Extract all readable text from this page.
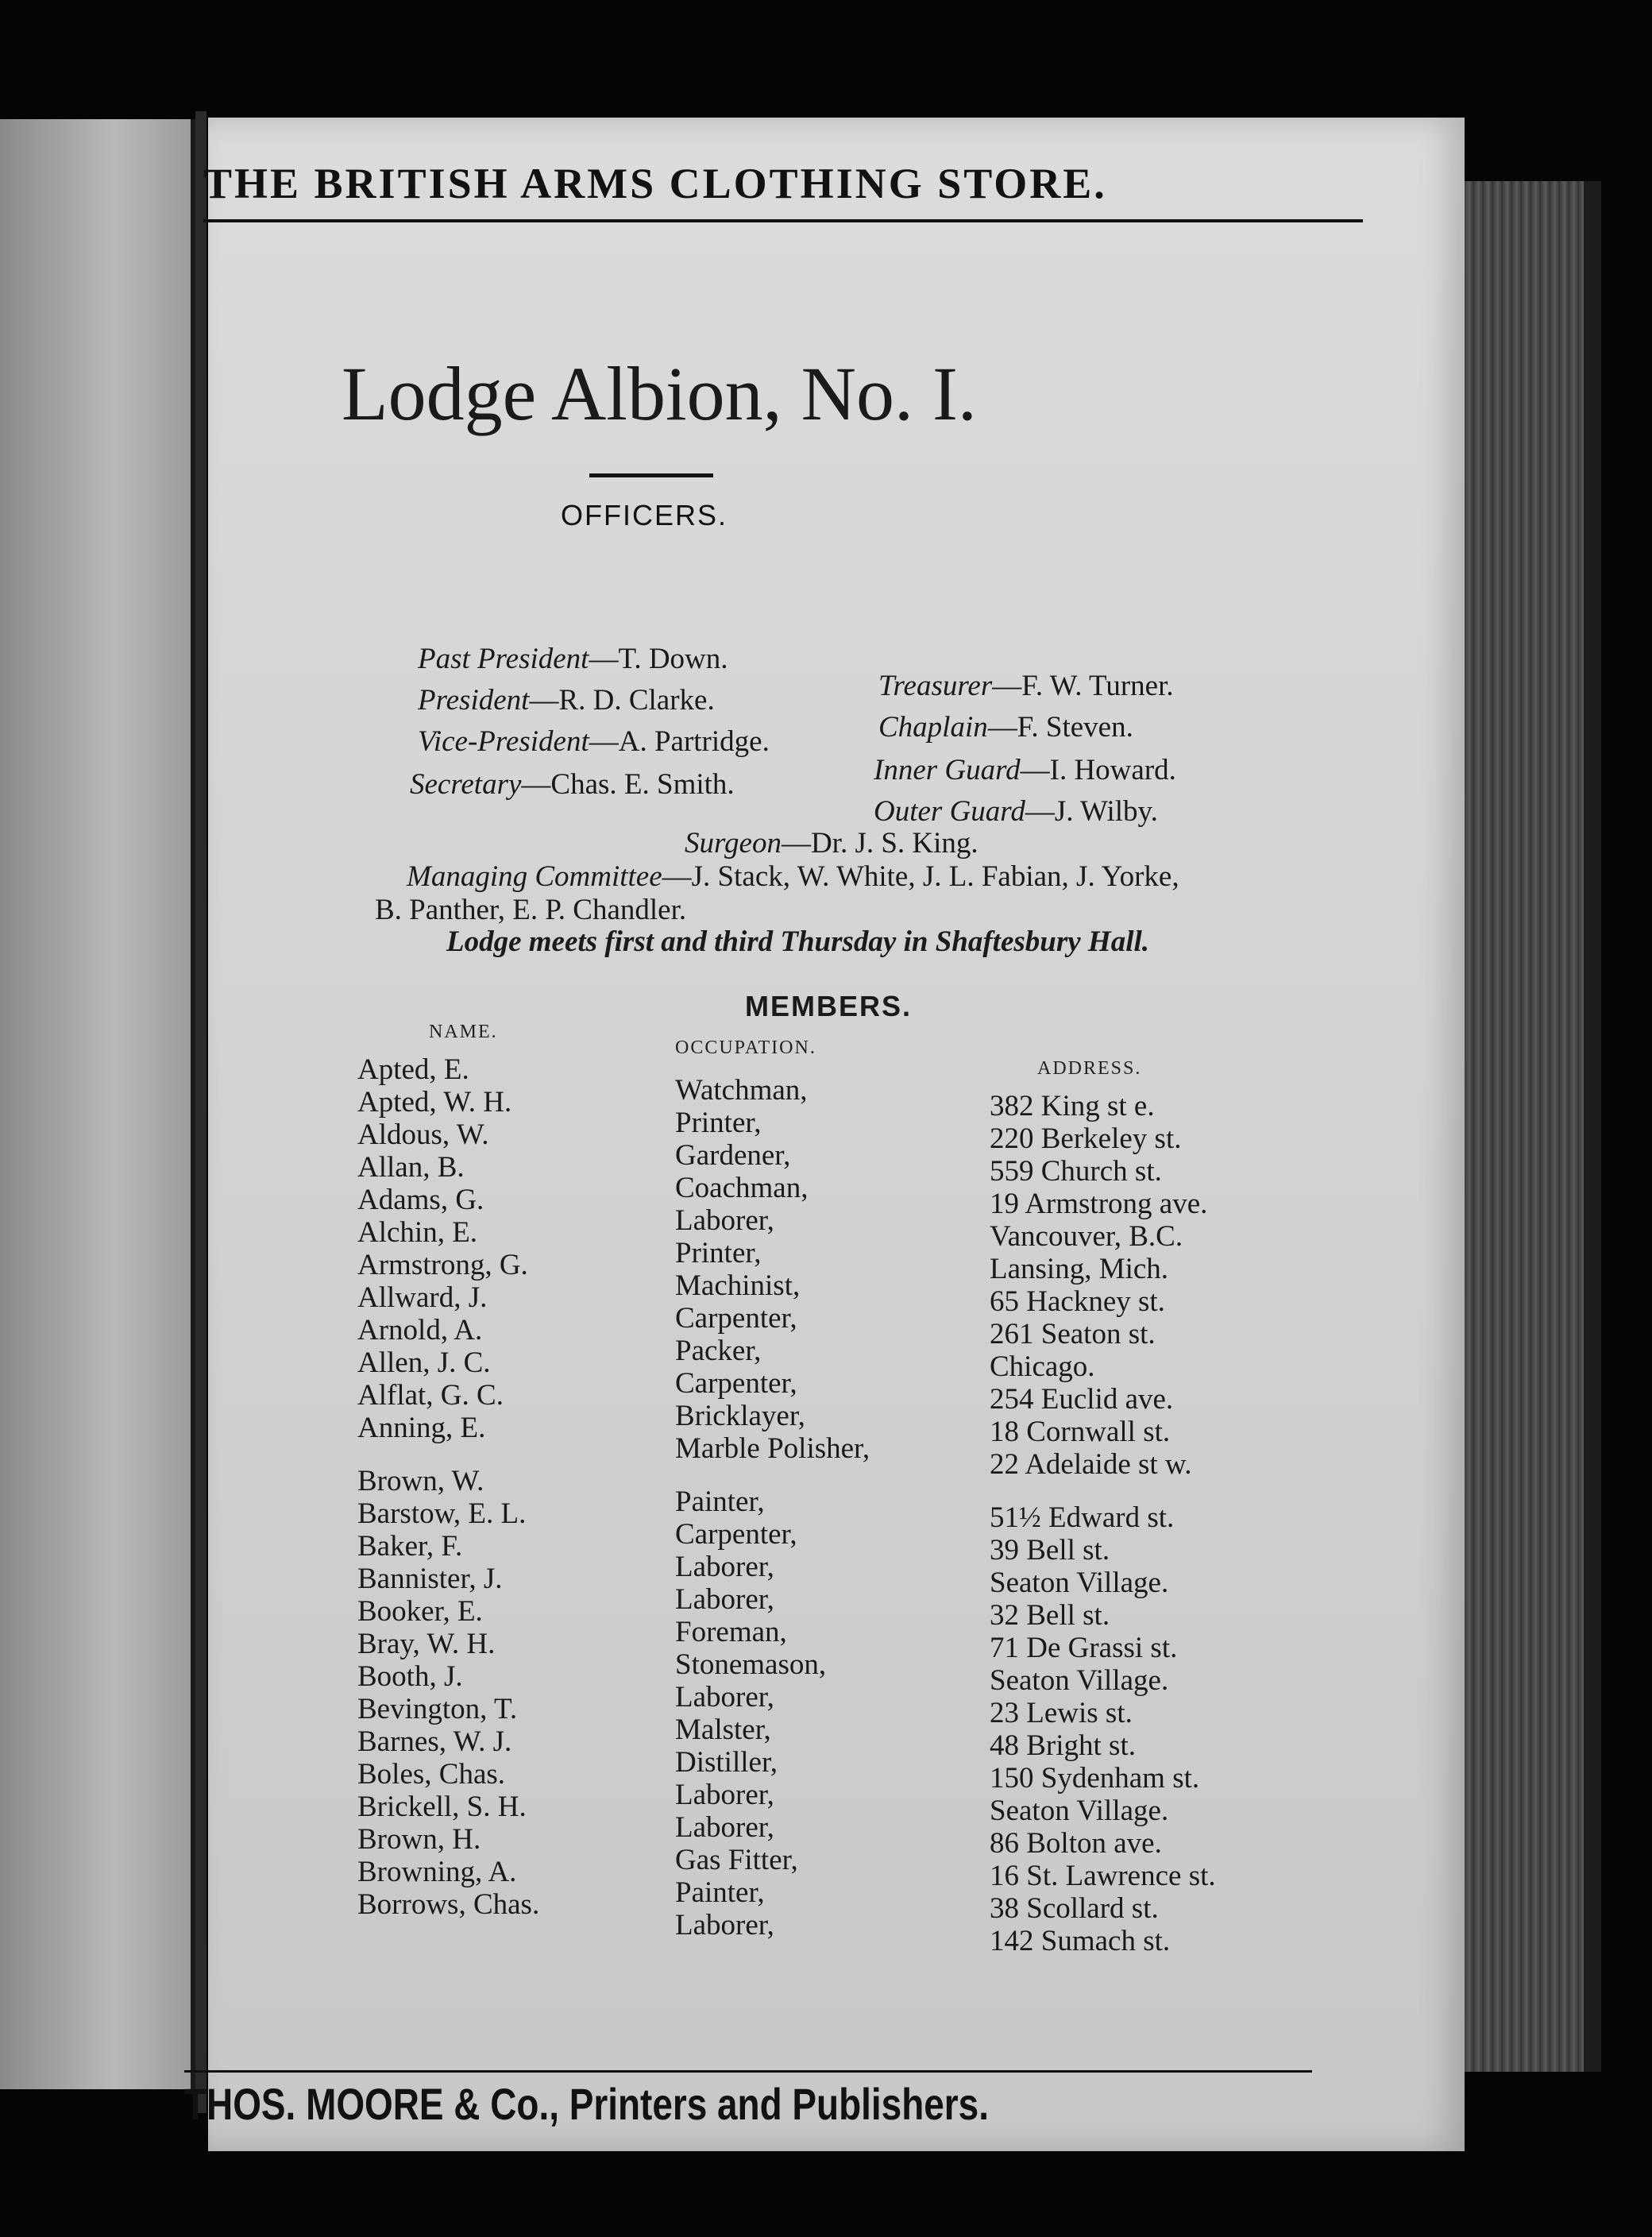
THE BRITISH ARMS CLOTHING STORE.
Lodge Albion, No. I.
OFFICERS.
Past President—T. Down.
President—R. D. Clarke.
Vice-President—A. Partridge.
Secretary—Chas. E. Smith.
Treasurer—F. W. Turner.
Chaplain—F. Steven.
Inner Guard—I. Howard.
Outer Guard—J. Wilby.
Surgeon—Dr. J. S. King.
Managing Committee—J. Stack, W. White, J. L. Fabian, J. Yorke,
B. Panther, E. P. Chandler.
Lodge meets first and third Thursday in Shaftesbury Hall.
MEMBERS.
NAME.
OCCUPATION.
ADDRESS.
Apted, E.
Apted, W. H.
Aldous, W.
Allan, B.
Adams, G.
Alchin, E.
Armstrong, G.
Allward, J.
Arnold, A.
Allen, J. C.
Alflat, G. C.
Anning, E.
Brown, W.
Barstow, E. L.
Baker, F.
Bannister, J.
Booker, E.
Bray, W. H.
Booth, J.
Bevington, T.
Barnes, W. J.
Boles, Chas.
Brickell, S. H.
Brown, H.
Browning, A.
Borrows, Chas.
Watchman,
Printer,
Gardener,
Coachman,
Laborer,
Printer,
Machinist,
Carpenter,
Packer,
Carpenter,
Bricklayer,
Marble Polisher,
Painter,
Carpenter,
Laborer,
Laborer,
Foreman,
Stonemason,
Laborer,
Malster,
Distiller,
Laborer,
Laborer,
Gas Fitter,
Painter,
Laborer,
382 King st e.
220 Berkeley st.
559 Church st.
19 Armstrong ave.
Vancouver, B.C.
Lansing, Mich.
65 Hackney st.
261 Seaton st.
Chicago.
254 Euclid ave.
18 Cornwall st.
22 Adelaide st w.
51½ Edward st.
39 Bell st.
Seaton Village.
32 Bell st.
71 De Grassi st.
Seaton Village.
23 Lewis st.
48 Bright st.
150 Sydenham st.
Seaton Village.
86 Bolton ave.
16 St. Lawrence st.
38 Scollard st.
142 Sumach st.
THOS. MOORE & Co., Printers and Publishers.
